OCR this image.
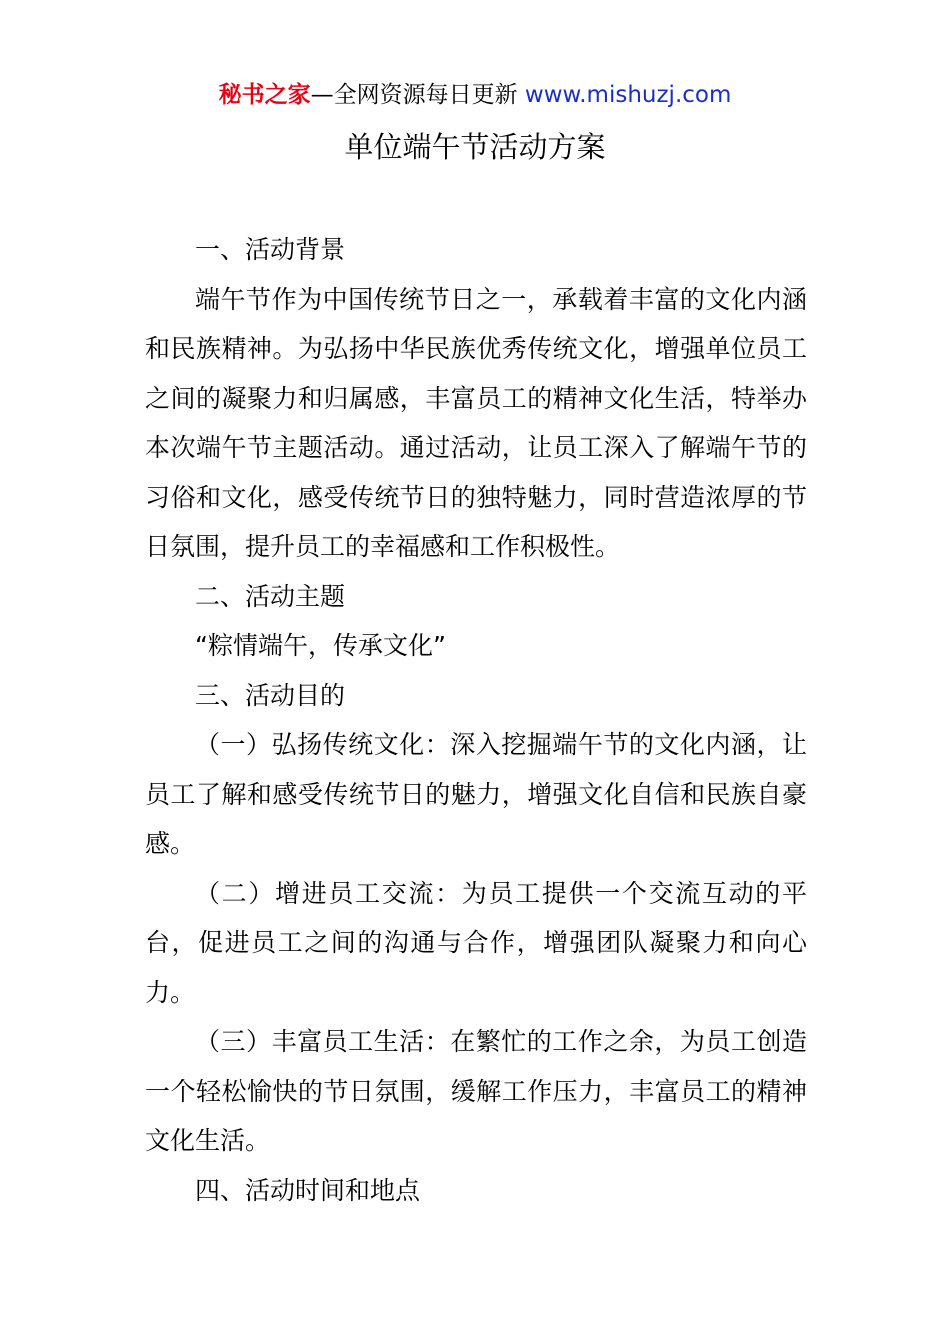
秘书之家—全网资源每日更新 www.mishuzj.com
单位端午节活动方案

一、活动背景

端午节作为中国传统节日之一，承载着丰富的文化内涵和民族精神。为弘扬中华民族优秀传统文化，增强单位员工之间的凝聚力和归属感，丰富员工的精神文化生活，特举办本次端午节主题活动。通过活动，让员工深入了解端午节的习俗和文化，感受传统节日的独特魅力，同时营造浓厚的节日氛围，提升员工的幸福感和工作积极性。

二、活动主题

“粽情端午，传承文化”

三、活动目的

（一）弘扬传统文化：深入挖掘端午节的文化内涵，让员工了解和感受传统节日的魅力，增强文化自信和民族自豪感。

（二）增进员工交流：为员工提供一个交流互动的平台，促进员工之间的沟通与合作，增强团队凝聚力和向心力。

（三）丰富员工生活：在繁忙的工作之余，为员工创造一个轻松愉快的节日氛围，缓解工作压力，丰富员工的精神文化生活。

四、活动时间和地点
